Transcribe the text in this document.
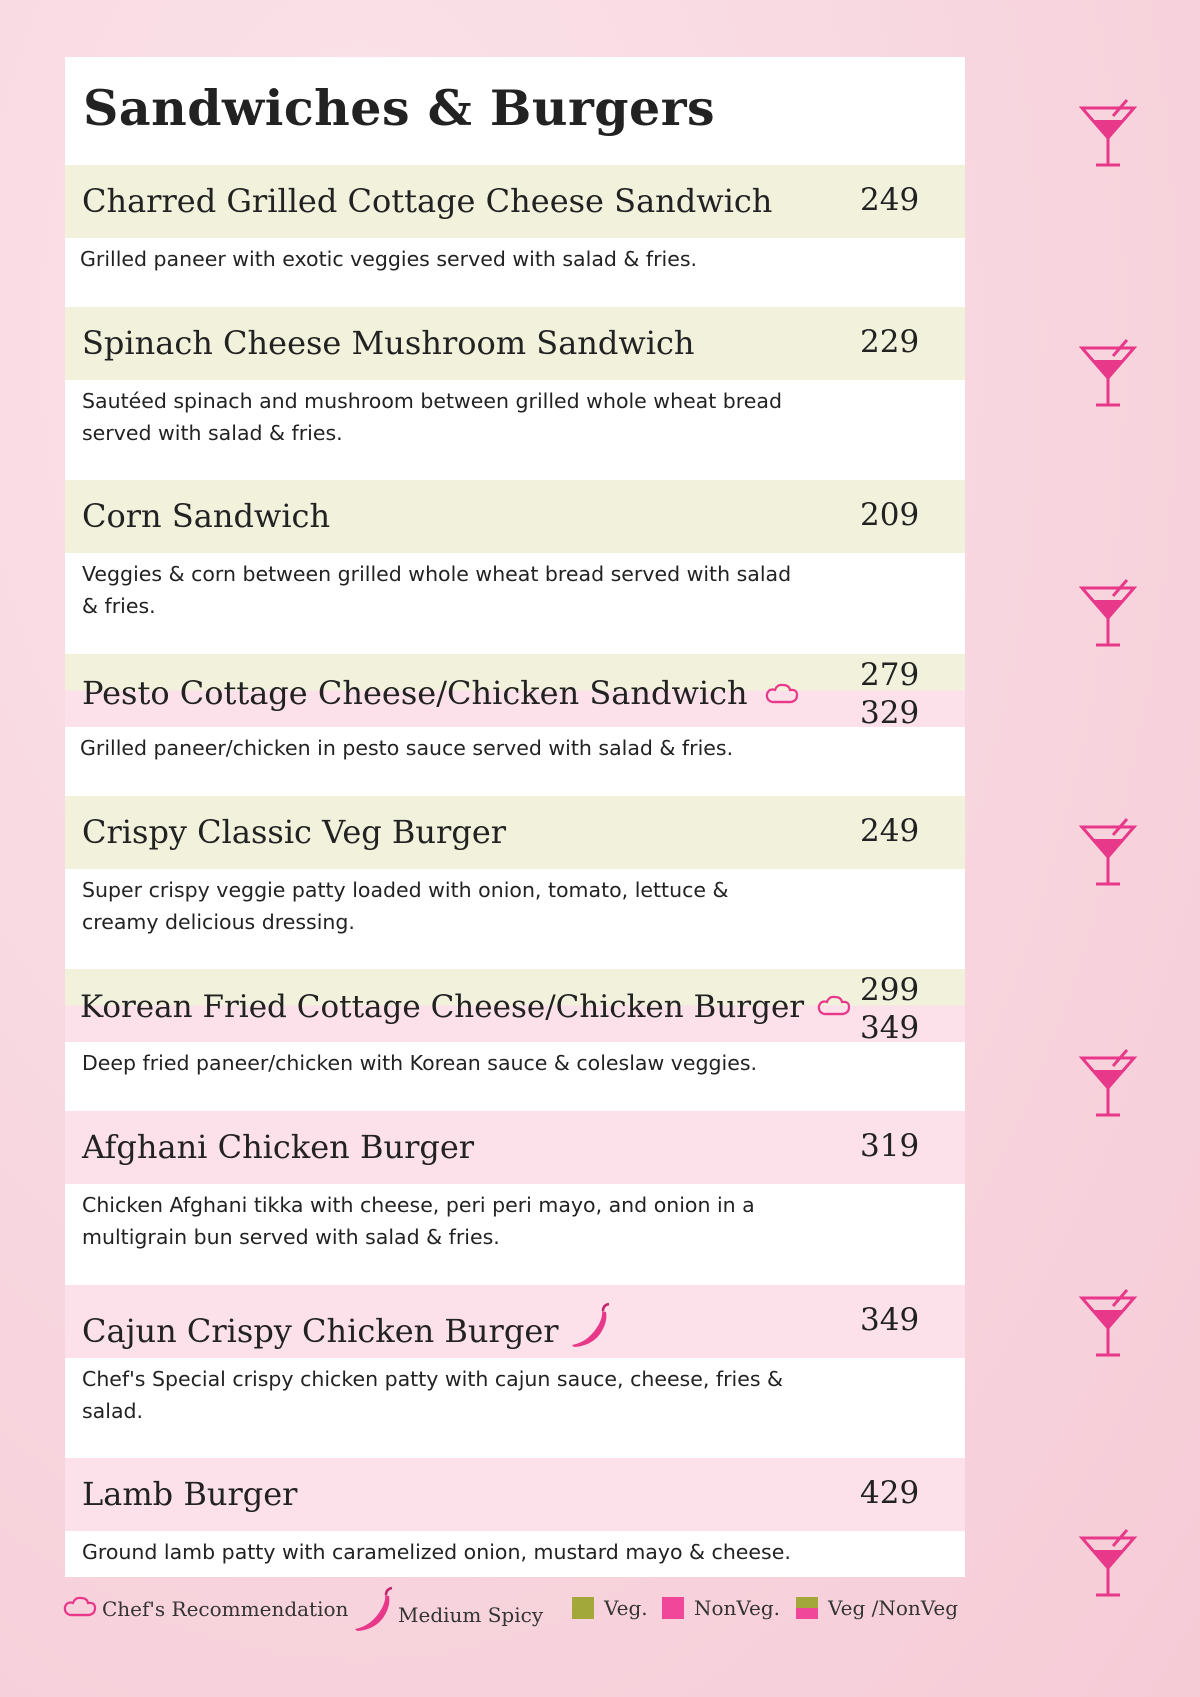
Sandwiches & Burgers
Charred Grilled Cottage Cheese Sandwich	249
Grilled paneer with exotic veggies served with salad & fries.
Spinach Cheese Mushroom Sandwich	229
Sautéed spinach and mushroom between grilled whole wheat bread served with salad & fries.
Corn Sandwich	209
Veggies & corn between grilled whole wheat bread served with salad & fries.
Pesto Cottage Cheese/Chicken Sandwich	279
329
Grilled paneer/chicken in pesto sauce served with salad & fries.
Crispy Classic Veg Burger	249
Super crispy veggie patty loaded with onion, tomato, lettuce & creamy delicious dressing.
Korean Fried Cottage Cheese/Chicken Burger	299
349
Deep fried paneer/chicken with Korean sauce & coleslaw veggies.
Afghani Chicken Burger	319
Chicken Afghani tikka with cheese, peri peri mayo, and onion in a multigrain bun served with salad & fries.
Cajun Crispy Chicken Burger	349
Chef's Special crispy chicken patty with cajun sauce, cheese, fries & salad.
Lamb Burger	429
Ground lamb patty with caramelized onion, mustard mayo & cheese.
Chef's Recommendation	Medium Spicy	Veg.	NonVeg.	Veg /NonVeg
